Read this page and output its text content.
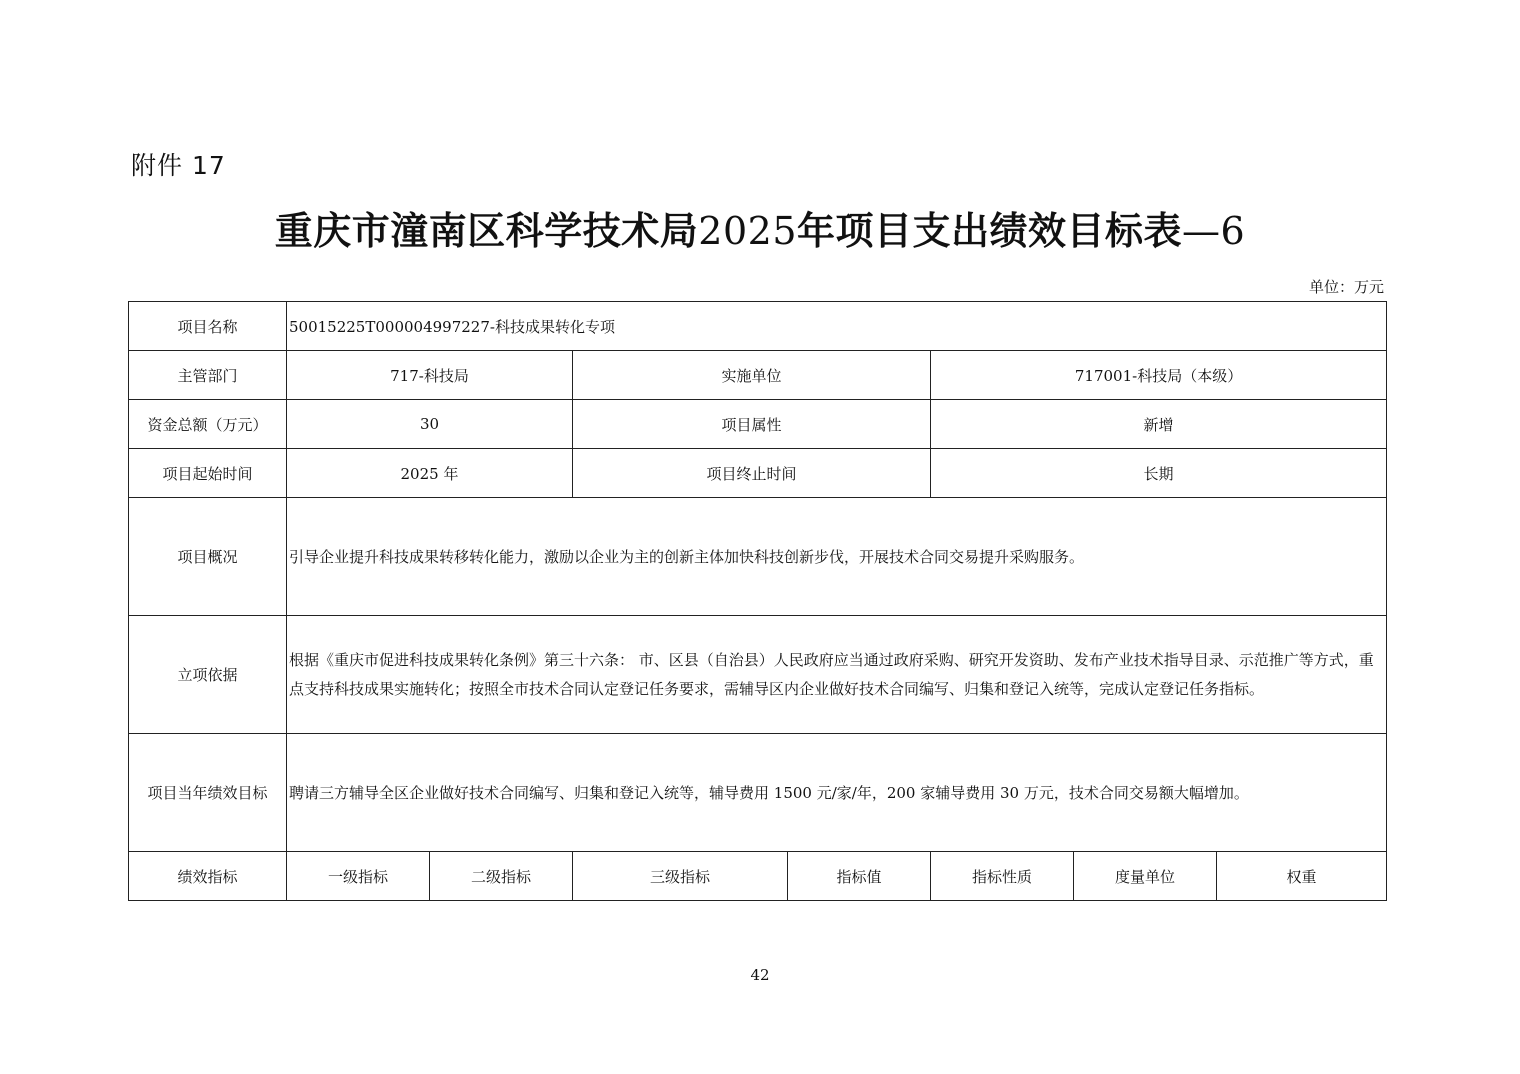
附件 17
重庆市潼南区科学技术局2025年项目支出绩效目标表—6
单位：万元
项目名称	50015225T000004997227-科技成果转化专项						
主管部门	717-科技局		实施单位		717001-科技局（本级）		
资金总额（万元）	30		项目属性		新增		
项目起始时间	2025 年		项目终止时间		长期		
项目概况	引导企业提升科技成果转移转化能力，激励以企业为主的创新主体加快科技创新步伐，开展技术合同交易提升采购服务。						
立项依据	根据《重庆市促进科技成果转化条例》第三十六条： 市、区县（自治县）人民政府应当通过政府采购、研究开发资助、发布产业技术指导目录、示范推广等方式，重点支持科技成果实施转化；按照全市技术合同认定登记任务要求，需辅导区内企业做好技术合同编写、归集和登记入统等，完成认定登记任务指标。						
项目当年绩效目标	聘请三方辅导全区企业做好技术合同编写、归集和登记入统等，辅导费用 1500 元/家/年，200 家辅导费用 30 万元，技术合同交易额大幅增加。						
绩效指标	一级指标	二级指标	三级指标	指标值	指标性质	度量单位	权重
42
